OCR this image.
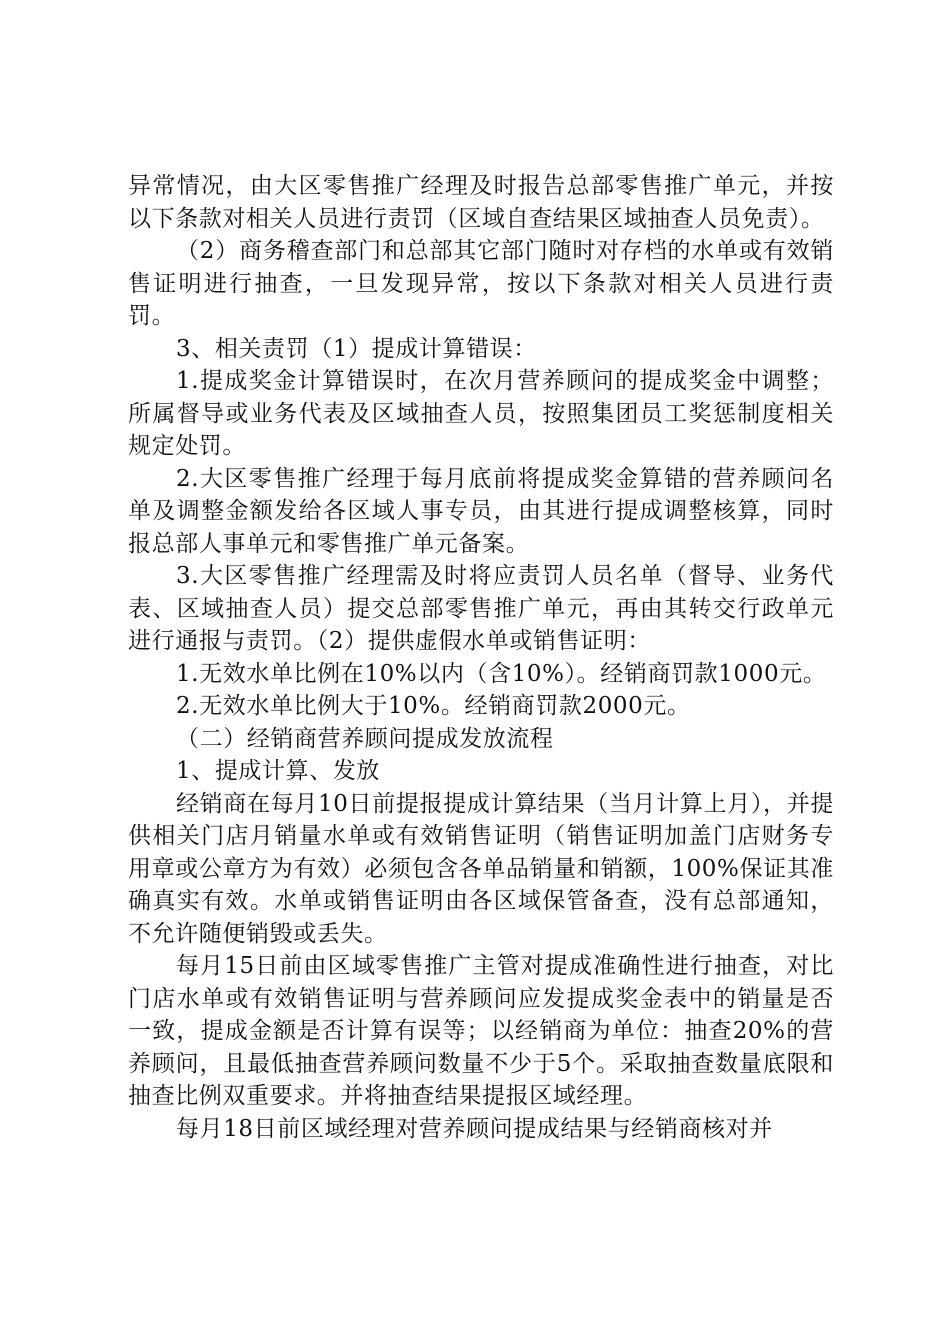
异常情况，由大区零售推广经理及时报告总部零售推广单元，并按以下条款对相关人员进行责罚（区域自查结果区域抽查人员免责）。

（2）商务稽查部门和总部其它部门随时对存档的水单或有效销售证明进行抽查，一旦发现异常，按以下条款对相关人员进行责罚。

3、相关责罚（1）提成计算错误：

1.提成奖金计算错误时，在次月营养顾问的提成奖金中调整；所属督导或业务代表及区域抽查人员，按照集团员工奖惩制度相关规定处罚。

2.大区零售推广经理于每月底前将提成奖金算错的营养顾问名单及调整金额发给各区域人事专员，由其进行提成调整核算，同时报总部人事单元和零售推广单元备案。

3.大区零售推广经理需及时将应责罚人员名单（督导、业务代表、区域抽查人员）提交总部零售推广单元，再由其转交行政单元进行通报与责罚。（2）提供虚假水单或销售证明：

1.无效水单比例在10%以内（含10%）。经销商罚款1000元。

2.无效水单比例大于10%。经销商罚款2000元。

（二）经销商营养顾问提成发放流程

1、提成计算、发放

经销商在每月10日前提报提成计算结果（当月计算上月），并提供相关门店月销量水单或有效销售证明（销售证明加盖门店财务专用章或公章方为有效）必须包含各单品销量和销额，100%保证其准确真实有效。水单或销售证明由各区域保管备查，没有总部通知，不允许随便销毁或丢失。

每月15日前由区域零售推广主管对提成准确性进行抽查，对比门店水单或有效销售证明与营养顾问应发提成奖金表中的销量是否一致，提成金额是否计算有误等；以经销商为单位：抽查20%的营养顾问，且最低抽查营养顾问数量不少于5个。采取抽查数量底限和抽查比例双重要求。并将抽查结果提报区域经理。

每月18日前区域经理对营养顾问提成结果与经销商核对并
